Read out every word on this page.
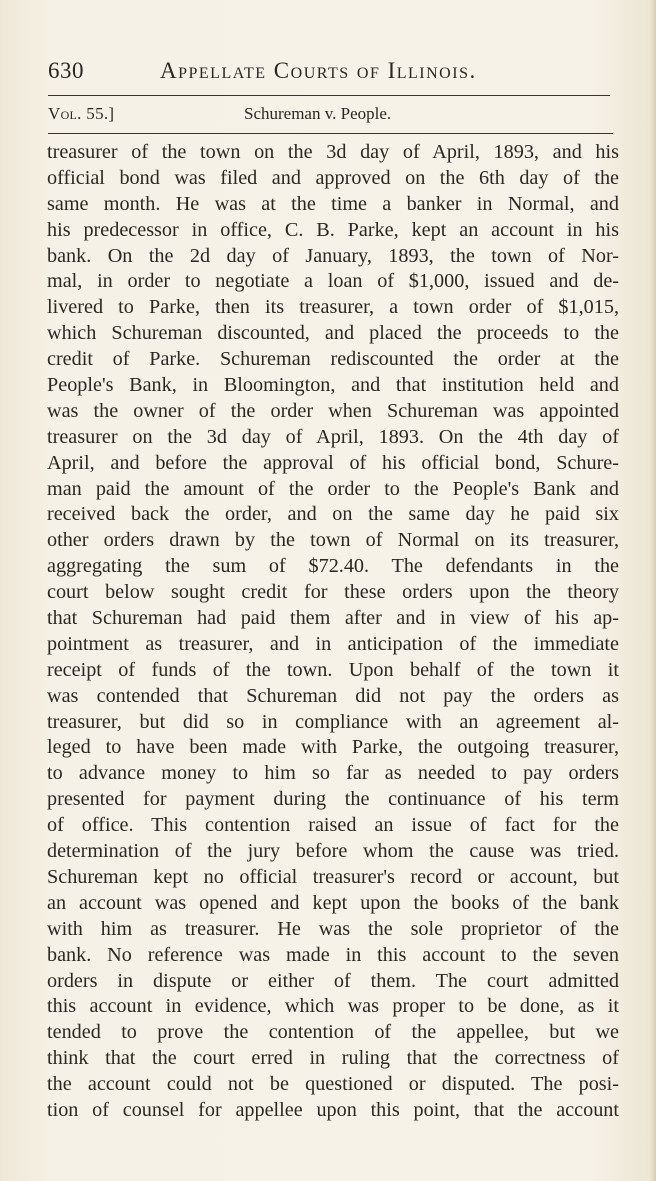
630	Appellate Courts of Illinois.
Vol. 55.]	Schureman v. People.
treasurer of the town on the 3d day of April, 1893, and his
official bond was filed and approved on the 6th day of the
same month. He was at the time a banker in Normal, and
his predecessor in office, C. B. Parke, kept an account in his
bank. On the 2d day of January, 1893, the town of Nor-
mal, in order to negotiate a loan of $1,000, issued and de-
livered to Parke, then its treasurer, a town order of $1,015,
which Schureman discounted, and placed the proceeds to the
credit of Parke. Schureman rediscounted the order at the
People's Bank, in Bloomington, and that institution held and
was the owner of the order when Schureman was appointed
treasurer on the 3d day of April, 1893. On the 4th day of
April, and before the approval of his official bond, Schure-
man paid the amount of the order to the People's Bank and
received back the order, and on the same day he paid six
other orders drawn by the town of Normal on its treasurer,
aggregating the sum of $72.40. The defendants in the
court below sought credit for these orders upon the theory
that Schureman had paid them after and in view of his ap-
pointment as treasurer, and in anticipation of the immediate
receipt of funds of the town. Upon behalf of the town it
was contended that Schureman did not pay the orders as
treasurer, but did so in compliance with an agreement al-
leged to have been made with Parke, the outgoing treasurer,
to advance money to him so far as needed to pay orders
presented for payment during the continuance of his term
of office. This contention raised an issue of fact for the
determination of the jury before whom the cause was tried.
Schureman kept no official treasurer's record or account, but
an account was opened and kept upon the books of the bank
with him as treasurer. He was the sole proprietor of the
bank. No reference was made in this account to the seven
orders in dispute or either of them. The court admitted
this account in evidence, which was proper to be done, as it
tended to prove the contention of the appellee, but we
think that the court erred in ruling that the correctness of
the account could not be questioned or disputed. The posi-
tion of counsel for appellee upon this point, that the account
